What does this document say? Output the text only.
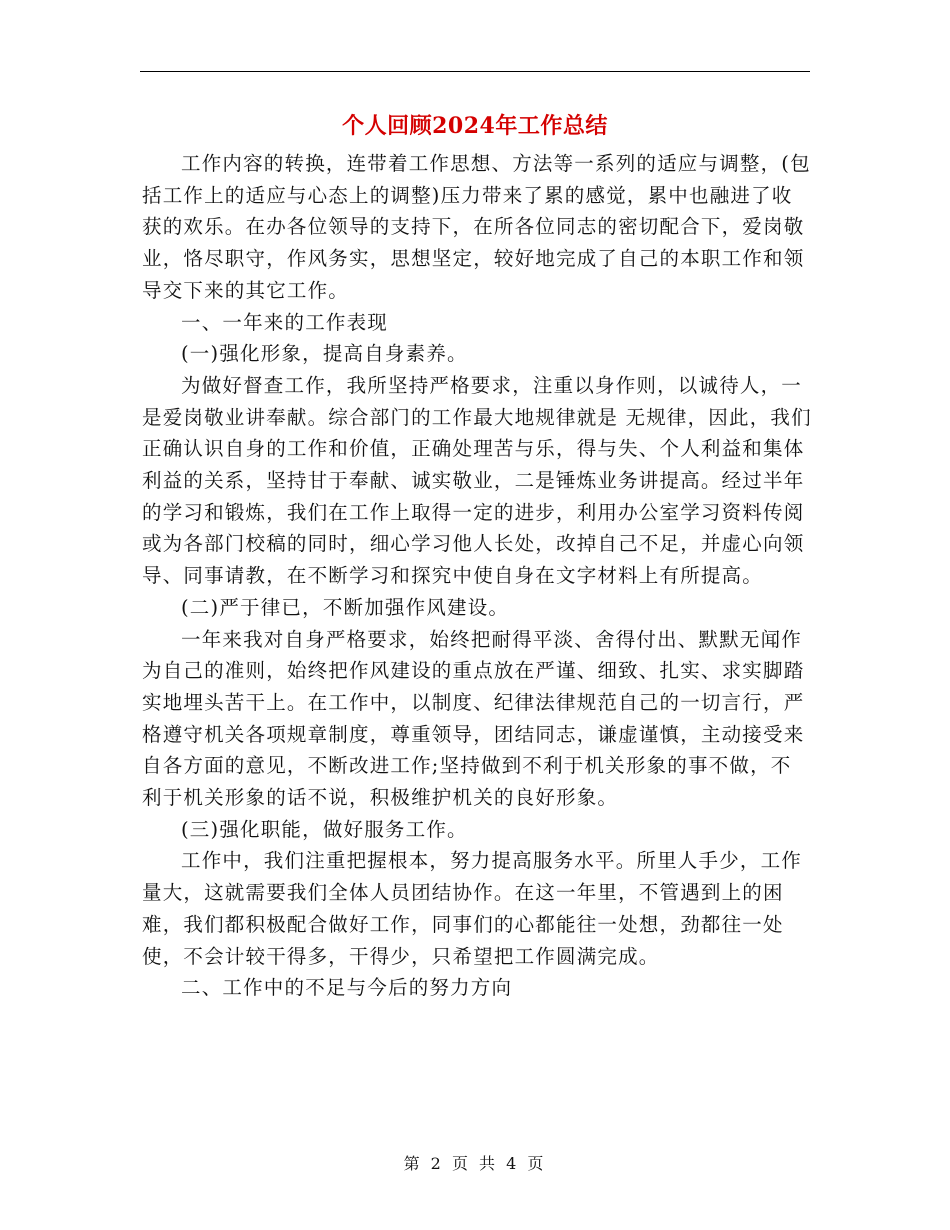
个人回顾2024年工作总结

工作内容的转换，连带着工作思想、方法等一系列的适应与调整，(包括工作上的适应与心态上的调整)压力带来了累的感觉，累中也融进了收获的欢乐。在办各位领导的支持下，在所各位同志的密切配合下，爱岗敬业，恪尽职守，作风务实，思想坚定，较好地完成了自己的本职工作和领导交下来的其它工作。

一、一年来的工作表现

(一)强化形象，提高自身素养。

为做好督查工作，我所坚持严格要求，注重以身作则，以诚待人，一是爱岗敬业讲奉献。综合部门的工作最大地规律就是 无规律，因此，我们正确认识自身的工作和价值，正确处理苦与乐，得与失、个人利益和集体利益的关系，坚持甘于奉献、诚实敬业，二是锤炼业务讲提高。经过半年的学习和锻炼，我们在工作上取得一定的进步，利用办公室学习资料传阅或为各部门校稿的同时，细心学习他人长处，改掉自己不足，并虚心向领导、同事请教，在不断学习和探究中使自身在文字材料上有所提高。

(二)严于律已，不断加强作风建设。

一年来我对自身严格要求，始终把耐得平淡、舍得付出、默默无闻作为自己的准则，始终把作风建设的重点放在严谨、细致、扎实、求实脚踏实地埋头苦干上。在工作中，以制度、纪律法律规范自己的一切言行，严格遵守机关各项规章制度，尊重领导，团结同志，谦虚谨慎，主动接受来自各方面的意见，不断改进工作;坚持做到不利于机关形象的事不做，不利于机关形象的话不说，积极维护机关的良好形象。

(三)强化职能，做好服务工作。

工作中，我们注重把握根本，努力提高服务水平。所里人手少，工作量大，这就需要我们全体人员团结协作。在这一年里，不管遇到上的困难，我们都积极配合做好工作，同事们的心都能往一处想，劲都往一处使，不会计较干得多，干得少，只希望把工作圆满完成。

二、工作中的不足与今后的努力方向

第 2 页 共 4 页
